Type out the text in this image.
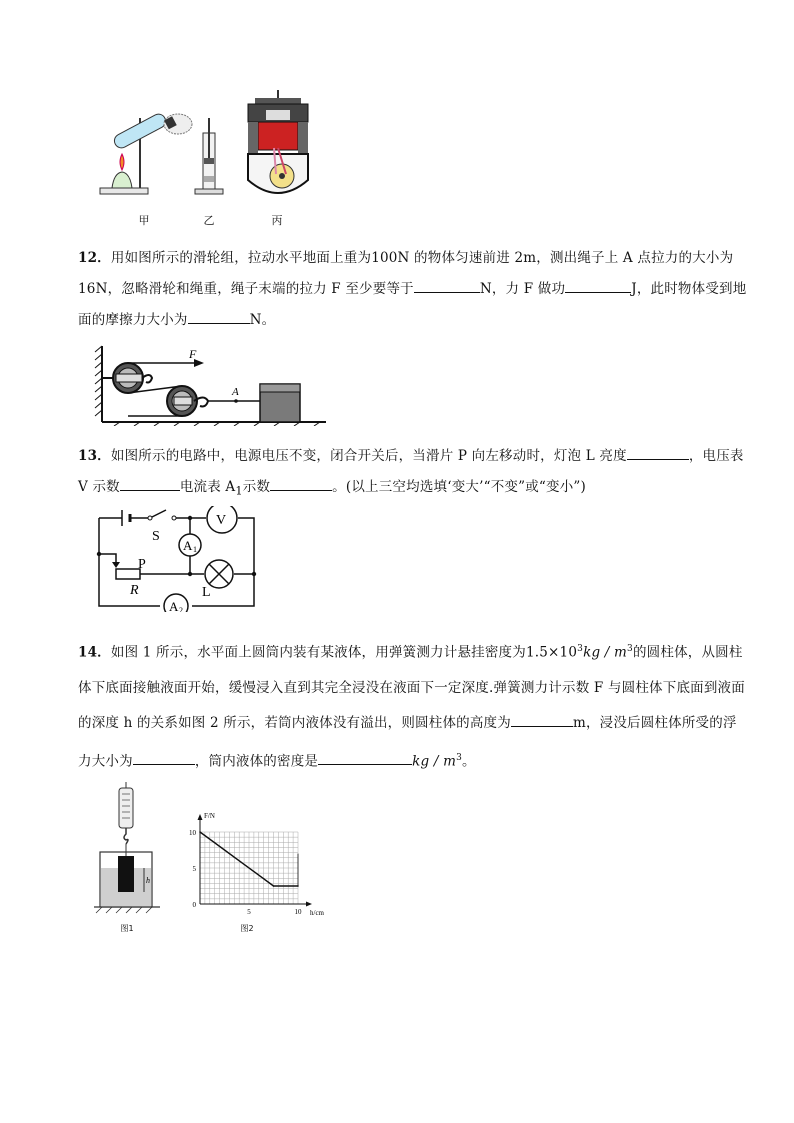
甲	乙	丙
12．用如图所示的滑轮组，拉动水平地面上重为100N 的物体匀速前进 2m，测出绳子上 A 点拉力的大小为 16N，忽略滑轮和绳重，绳子末端的拉力 F 至少要等于	N，力 F 做功	J，此时物体受到地面的摩擦力大小为	N。
F
A
13．如图所示的电路中，电源电压不变，闭合开关后，当滑片 P 向左移动时，灯泡 L 亮度	，电压表 V 示数	电流表 $A_1$示数	。(以上三空均选填‘变大’“不变”或“变小”)
S
V
A 1
P
R	L
A 2
14．如图 1 所示，水平面上圆筒内装有某液体，用弹簧测力计悬挂密度为$1.5\times 10^3kg / m^3$的圆柱体，从圆柱体下底面接触液面开始，缓慢浸入直到其完全浸没在液面下一定深度.弹簧测力计示数 F 与圆柱体下底面到液面的深度 h 的关系如图 2 所示，若筒内液体没有溢出，则圆柱体的高度为	m，浸没后圆柱体所受的浮力大小为	，筒内液体的密度是	kg / $m^3$。
h
图1
0
5
10
5	10
F/N
h/cm
图2
